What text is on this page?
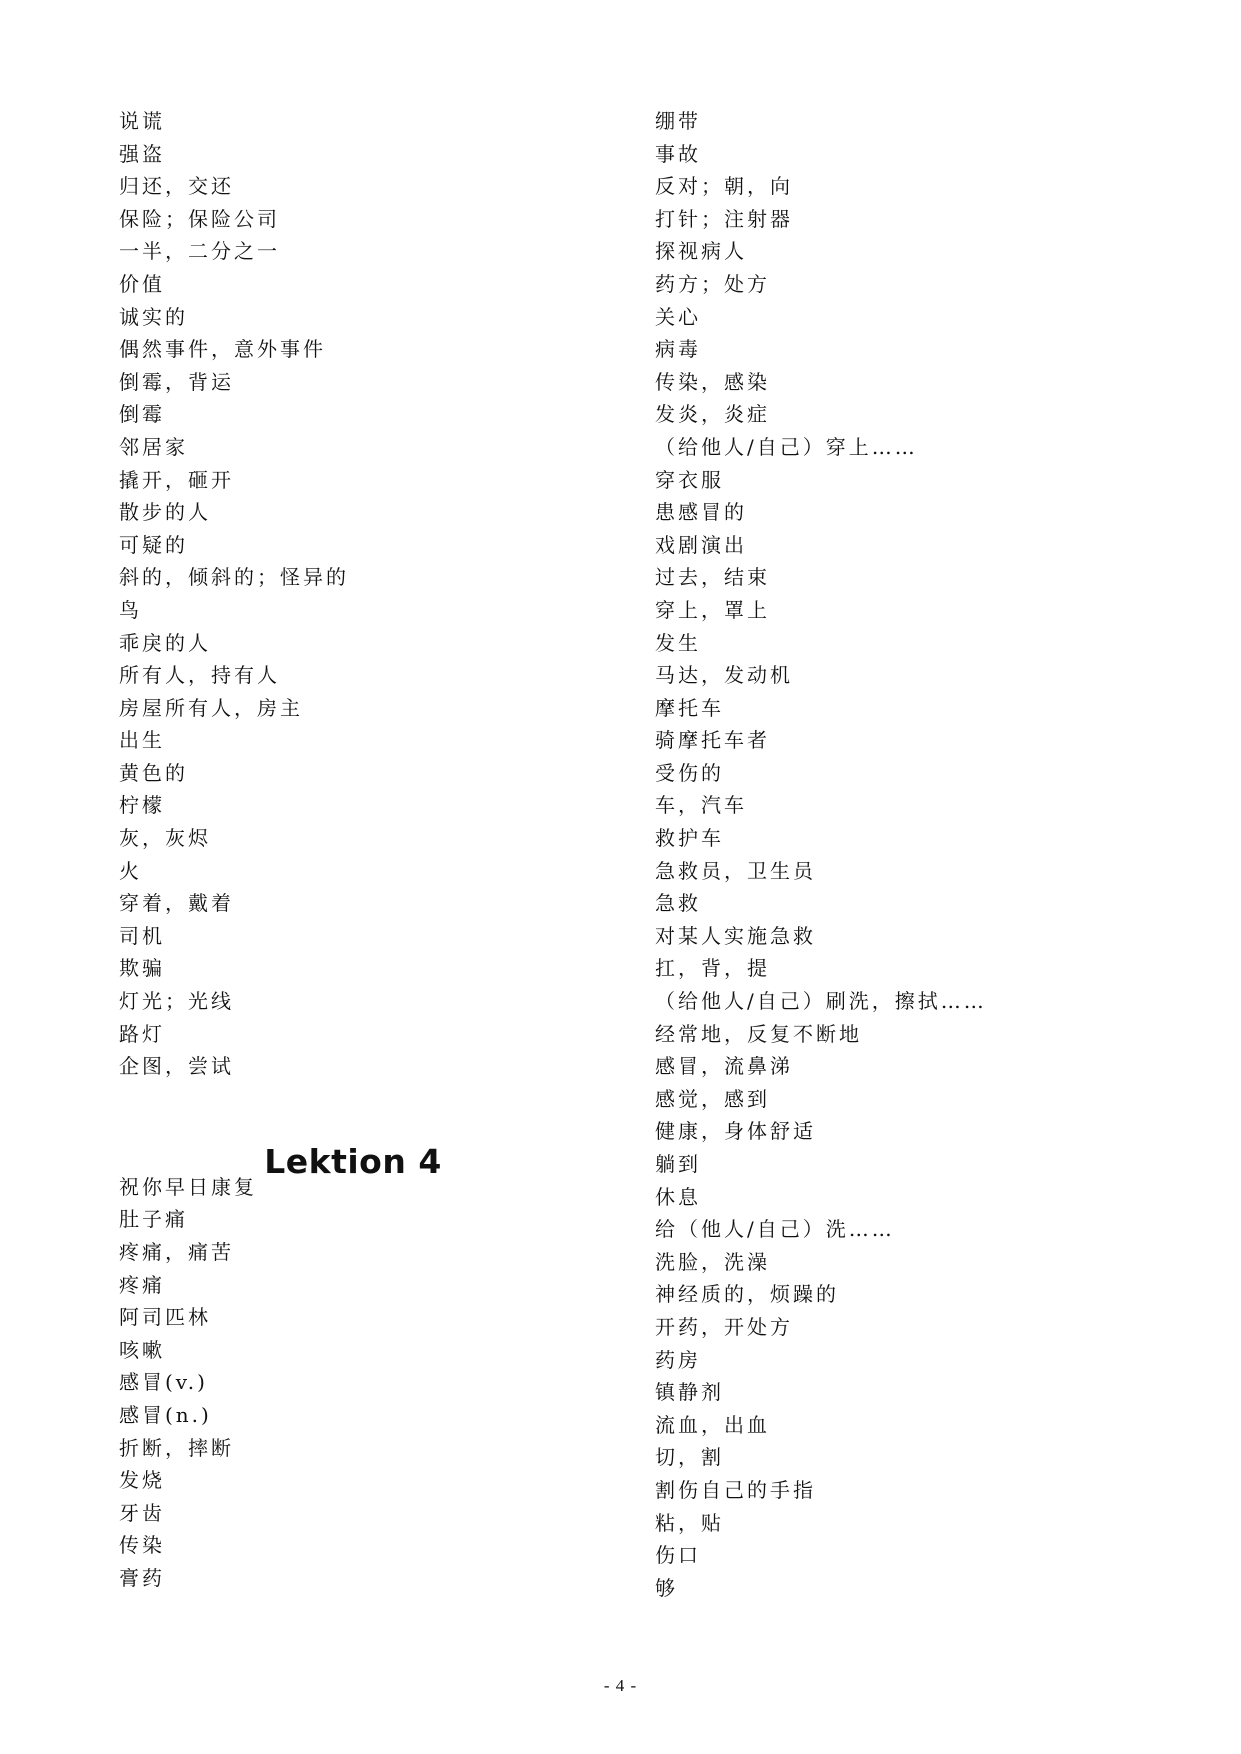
说谎
强盗
归还，交还
保险；保险公司
一半，二分之一
价值
诚实的
偶然事件，意外事件
倒霉，背运
倒霉
邻居家
撬开，砸开
散步的人
可疑的
斜的，倾斜的；怪异的
鸟
乖戾的人
所有人，持有人
房屋所有人，房主
出生
黄色的
柠檬
灰，灰烬
火
穿着，戴着
司机
欺骗
灯光；光线
路灯
企图，尝试
祝你早日康复
肚子痛
疼痛，痛苦
疼痛
阿司匹林
咳嗽
感冒(v.)
感冒(n.)
折断，摔断
发烧
牙齿
传染
膏药
Lektion 4
绷带
事故
反对；朝，向
打针；注射器
探视病人
药方；处方
关心
病毒
传染，感染
发炎，炎症
（给他人/自己）穿上……
穿衣服
患感冒的
戏剧演出
过去，结束
穿上，罩上
发生
马达，发动机
摩托车
骑摩托车者
受伤的
车，汽车
救护车
急救员，卫生员
急救
对某人实施急救
扛，背，提
（给他人/自己）刷洗，擦拭……
经常地，反复不断地
感冒，流鼻涕
感觉，感到
健康，身体舒适
躺到
休息
给（他人/自己）洗……
洗脸，洗澡
神经质的，烦躁的
开药，开处方
药房
镇静剂
流血，出血
切，割
割伤自己的手指
粘，贴
伤口
够
- 4 -
